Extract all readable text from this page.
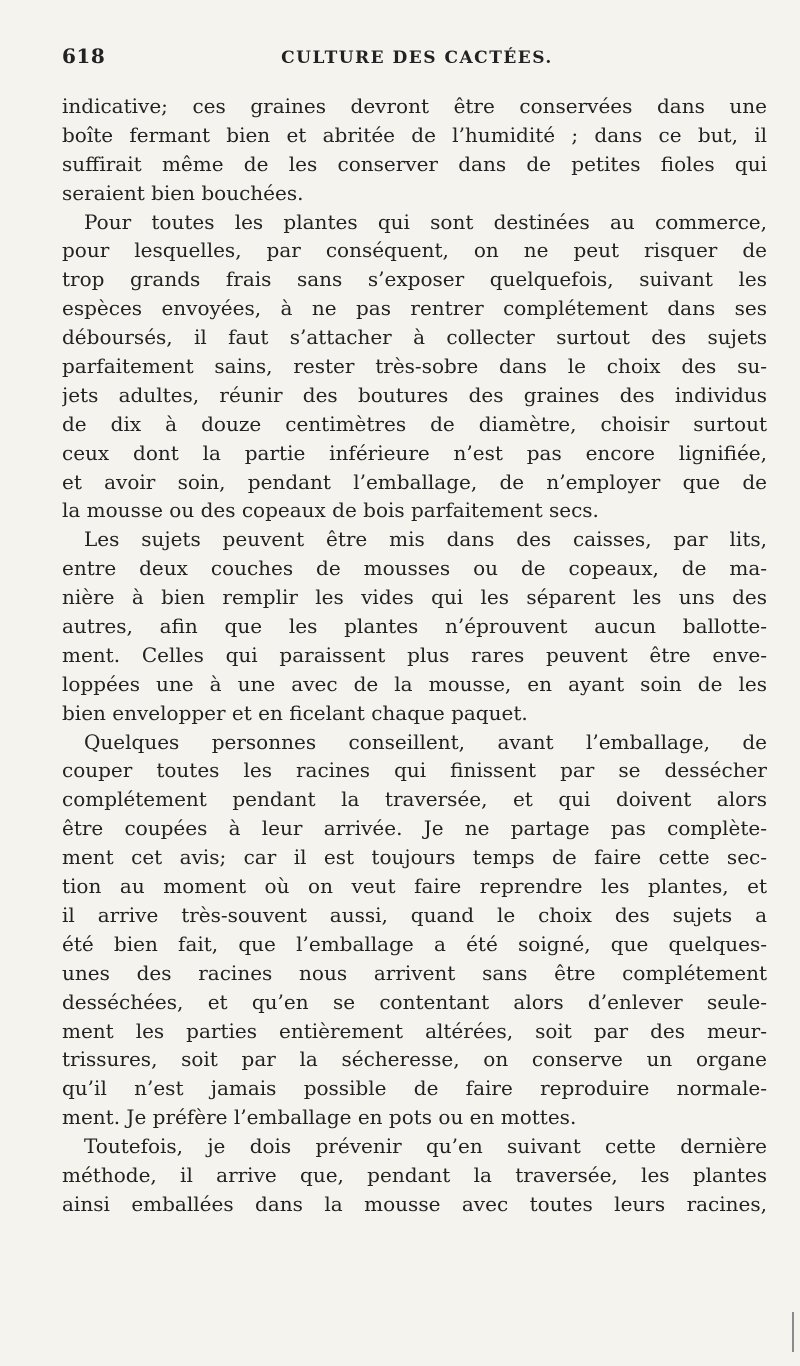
618	CULTURE DES CACTÉES.
indicative; ces graines devront être conservées dans une
boîte fermant bien et abritée de l’humidité ; dans ce but, il
suffirait même de les conserver dans de petites fioles qui
seraient bien bouchées.
Pour toutes les plantes qui sont destinées au commerce,
pour lesquelles, par conséquent, on ne peut risquer de
trop grands frais sans s’exposer quelquefois, suivant les
espèces envoyées, à ne pas rentrer complétement dans ses
déboursés, il faut s’attacher à collecter surtout des sujets
parfaitement sains, rester très-sobre dans le choix des su-
jets adultes, réunir des boutures des graines des individus
de dix à douze centimètres de diamètre, choisir surtout
ceux dont la partie inférieure n’est pas encore lignifiée,
et avoir soin, pendant l’emballage, de n’employer que de
la mousse ou des copeaux de bois parfaitement secs.
Les sujets peuvent être mis dans des caisses, par lits,
entre deux couches de mousses ou de copeaux, de ma-
nière à bien remplir les vides qui les séparent les uns des
autres, afin que les plantes n’éprouvent aucun ballotte-
ment. Celles qui paraissent plus rares peuvent être enve-
loppées une à une avec de la mousse, en ayant soin de les
bien envelopper et en ficelant chaque paquet.
Quelques personnes conseillent, avant l’emballage, de
couper toutes les racines qui finissent par se dessécher
complétement pendant la traversée, et qui doivent alors
être coupées à leur arrivée. Je ne partage pas complète-
ment cet avis; car il est toujours temps de faire cette sec-
tion au moment où on veut faire reprendre les plantes, et
il arrive très-souvent aussi, quand le choix des sujets a
été bien fait, que l’emballage a été soigné, que quelques-
unes des racines nous arrivent sans être complétement
desséchées, et qu’en se contentant alors d’enlever seule-
ment les parties entièrement altérées, soit par des meur-
trissures, soit par la sécheresse, on conserve un organe
qu’il n’est jamais possible de faire reproduire normale-
ment. Je préfère l’emballage en pots ou en mottes.
Toutefois, je dois prévenir qu’en suivant cette dernière
méthode, il arrive que, pendant la traversée, les plantes
ainsi emballées dans la mousse avec toutes leurs racines,
